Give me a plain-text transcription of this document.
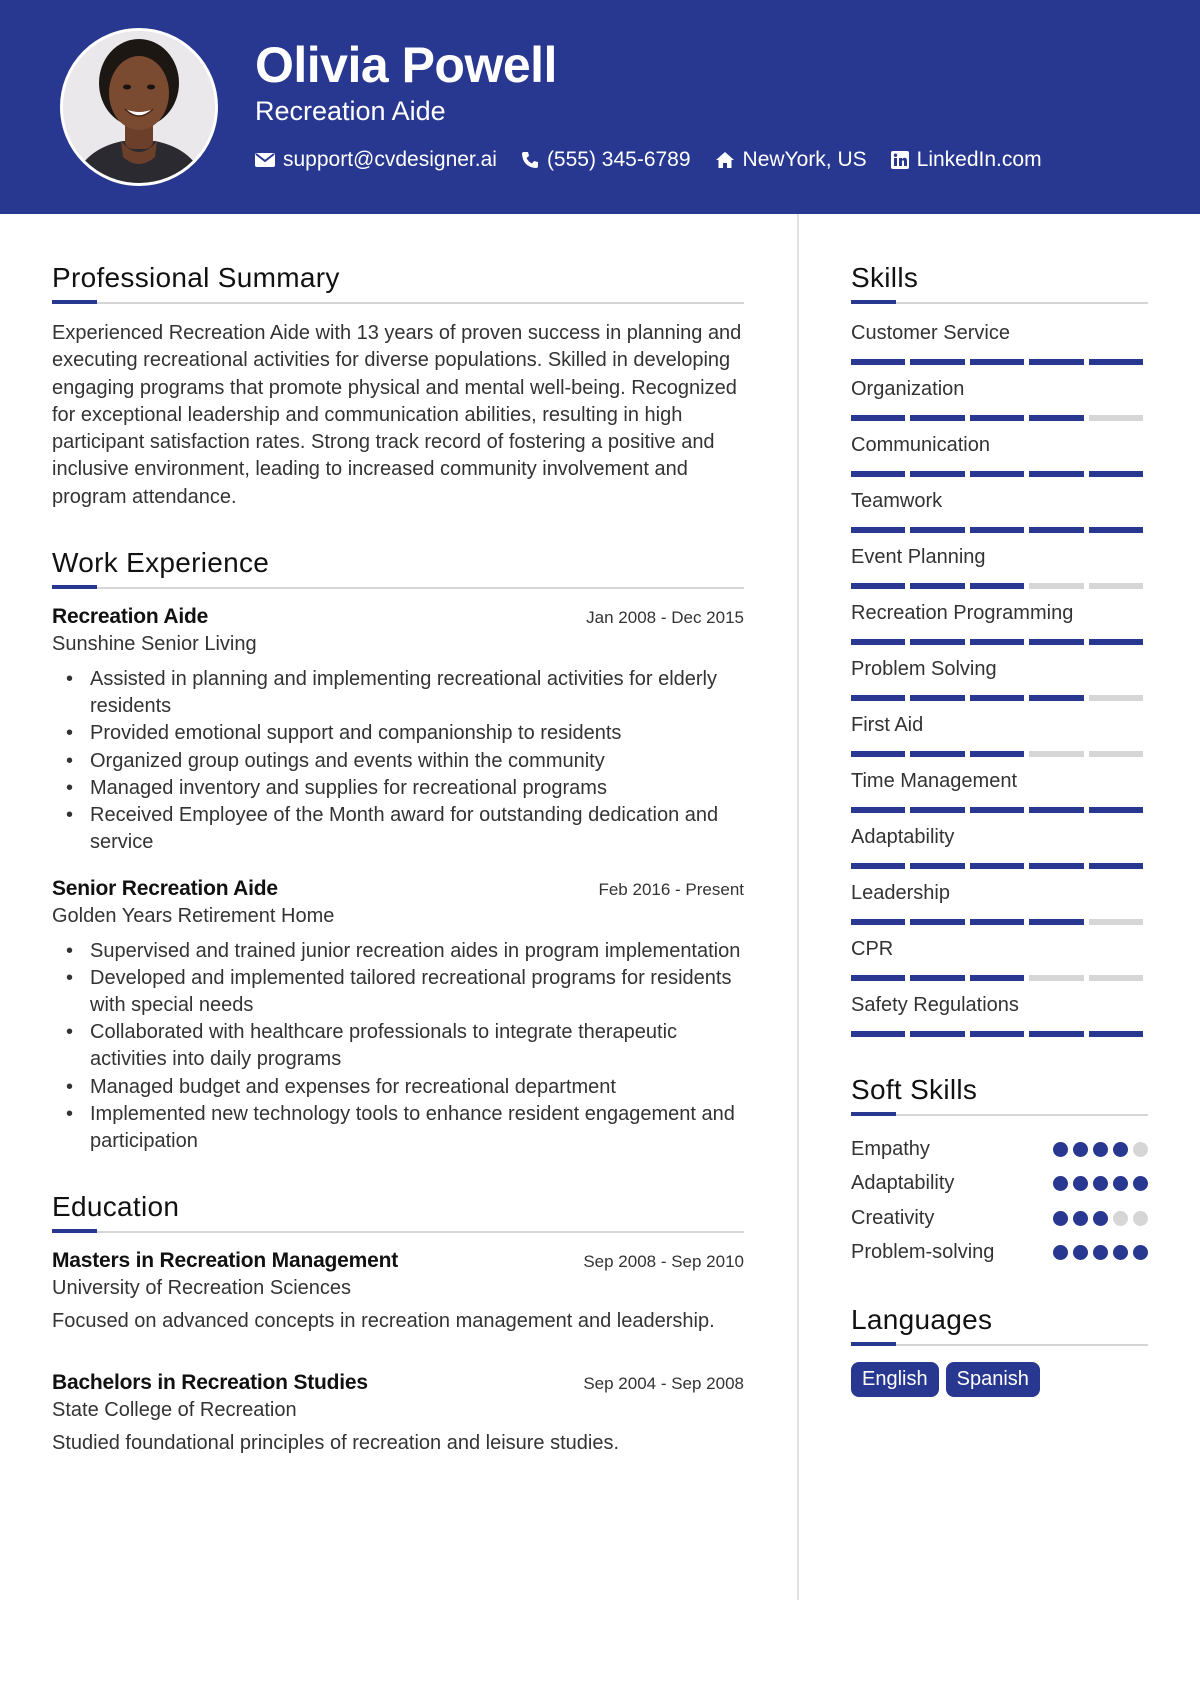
Olivia Powell
Recreation Aide
support@cvdesigner.ai (555) 345-6789 NewYork, US LinkedIn.com
Professional Summary
Experienced Recreation Aide with 13 years of proven success in planning and executing recreational activities for diverse populations. Skilled in developing engaging programs that promote physical and mental well-being. Recognized for exceptional leadership and communication abilities, resulting in high participant satisfaction rates. Strong track record of fostering a positive and inclusive environment, leading to increased community involvement and program attendance.
Work Experience
Recreation Aide	Jan 2008 - Dec 2015
Sunshine Senior Living
• Assisted in planning and implementing recreational activities for elderly residents
• Provided emotional support and companionship to residents
• Organized group outings and events within the community
• Managed inventory and supplies for recreational programs
• Received Employee of the Month award for outstanding dedication and service
Senior Recreation Aide	Feb 2016 - Present
Golden Years Retirement Home
• Supervised and trained junior recreation aides in program implementation
• Developed and implemented tailored recreational programs for residents with special needs
• Collaborated with healthcare professionals to integrate therapeutic activities into daily programs
• Managed budget and expenses for recreational department
• Implemented new technology tools to enhance resident engagement and participation
Education
Masters in Recreation Management	Sep 2008 - Sep 2010
University of Recreation Sciences
Focused on advanced concepts in recreation management and leadership.
Bachelors in Recreation Studies	Sep 2004 - Sep 2008
State College of Recreation
Studied foundational principles of recreation and leisure studies.
Skills
Customer Service
Organization
Communication
Teamwork
Event Planning
Recreation Programming
Problem Solving
First Aid
Time Management
Adaptability
Leadership
CPR
Safety Regulations
Soft Skills
Empathy
Adaptability
Creativity
Problem-solving
Languages
English	Spanish
